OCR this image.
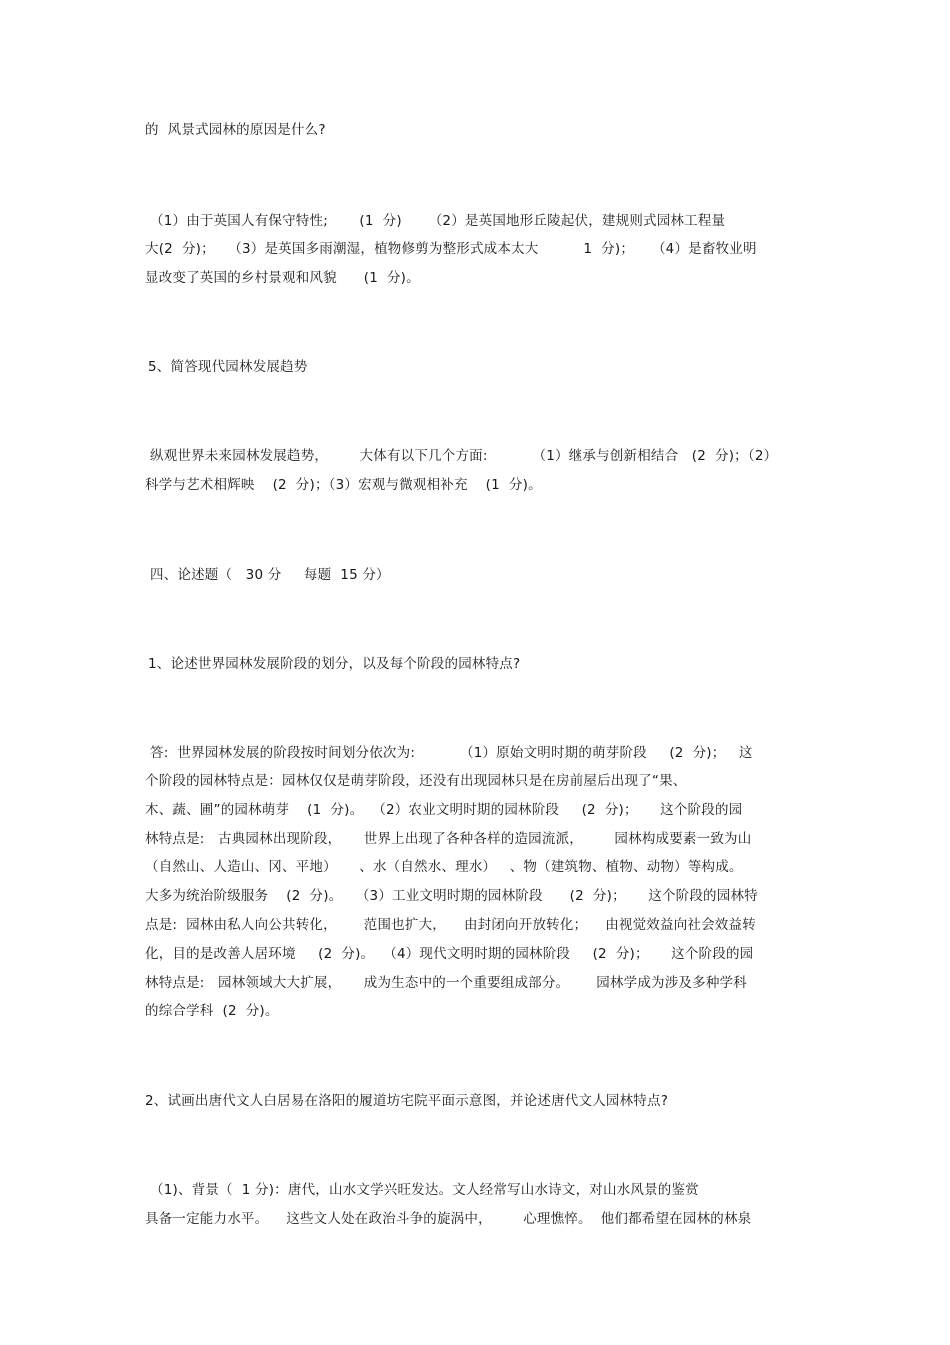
的  风景式园林的原因是什么?
（1）由于英国人有保守特性;       (1  分)      （2）是英国地形丘陵起伏，建规则式园林工程量
大(2  分)；   （3）是英国多雨潮湿，植物修剪为整形式成本太大          1  分)；    （4）是畜牧业明
显改变了英国的乡村景观和风貌      (1  分)。
5、简答现代园林发展趋势
纵观世界未来园林发展趋势，       大体有以下几个方面:          （1）继承与创新相结合   (2  分)；（2）
科学与艺术相辉映    (2  分)；（3）宏观与微观相补充    (1  分)。
四、论述题（   30 分     每题  15 分）
1、论述世界园林发展阶段的划分，以及每个阶段的园林特点?
答:  世界园林发展的阶段按时间划分依次为:          （1）原始文明时期的萌芽阶段     (2  分)；   这
个阶段的园林特点是：园林仅仅是萌芽阶段，还没有出现园林只是在房前屋后出现了“果、
木、蔬、圃”的园林萌芽    (1  分)。  （2）农业文明时期的园林阶段     (2  分)；     这个阶段的园
林特点是:   古典园林出现阶段，     世界上出现了各种各样的造园流派，       园林构成要素一致为山
（自然山、人造山、冈、平地）     、水（自然水、理水）   、物（建筑物、植物、动物）等构成。
大多为统治阶级服务    (2  分)。   （3）工业文明时期的园林阶段      (2  分)；     这个阶段的园林特
点是:  园林由私人向公共转化，      范围也扩大，    由封闭向开放转化；    由视觉效益向社会效益转
化，目的是改善人居环境     (2  分)。  （4）现代文明时期的园林阶段     (2  分)；     这个阶段的园
林特点是:   园林领域大大扩展，     成为生态中的一个重要组成部分。      园林学成为涉及多种学科
的综合学科  (2  分)。
2、试画出唐代文人白居易在洛阳的履道坊宅院平面示意图，并论述唐代文人园林特点?
（1)、背景（  1 分)：唐代，山水文学兴旺发达。文人经常写山水诗文，对山水风景的鉴赏
具备一定能力水平。    这些文人处在政治斗争的旋涡中，       心理憔悴。  他们都希望在园林的林泉
